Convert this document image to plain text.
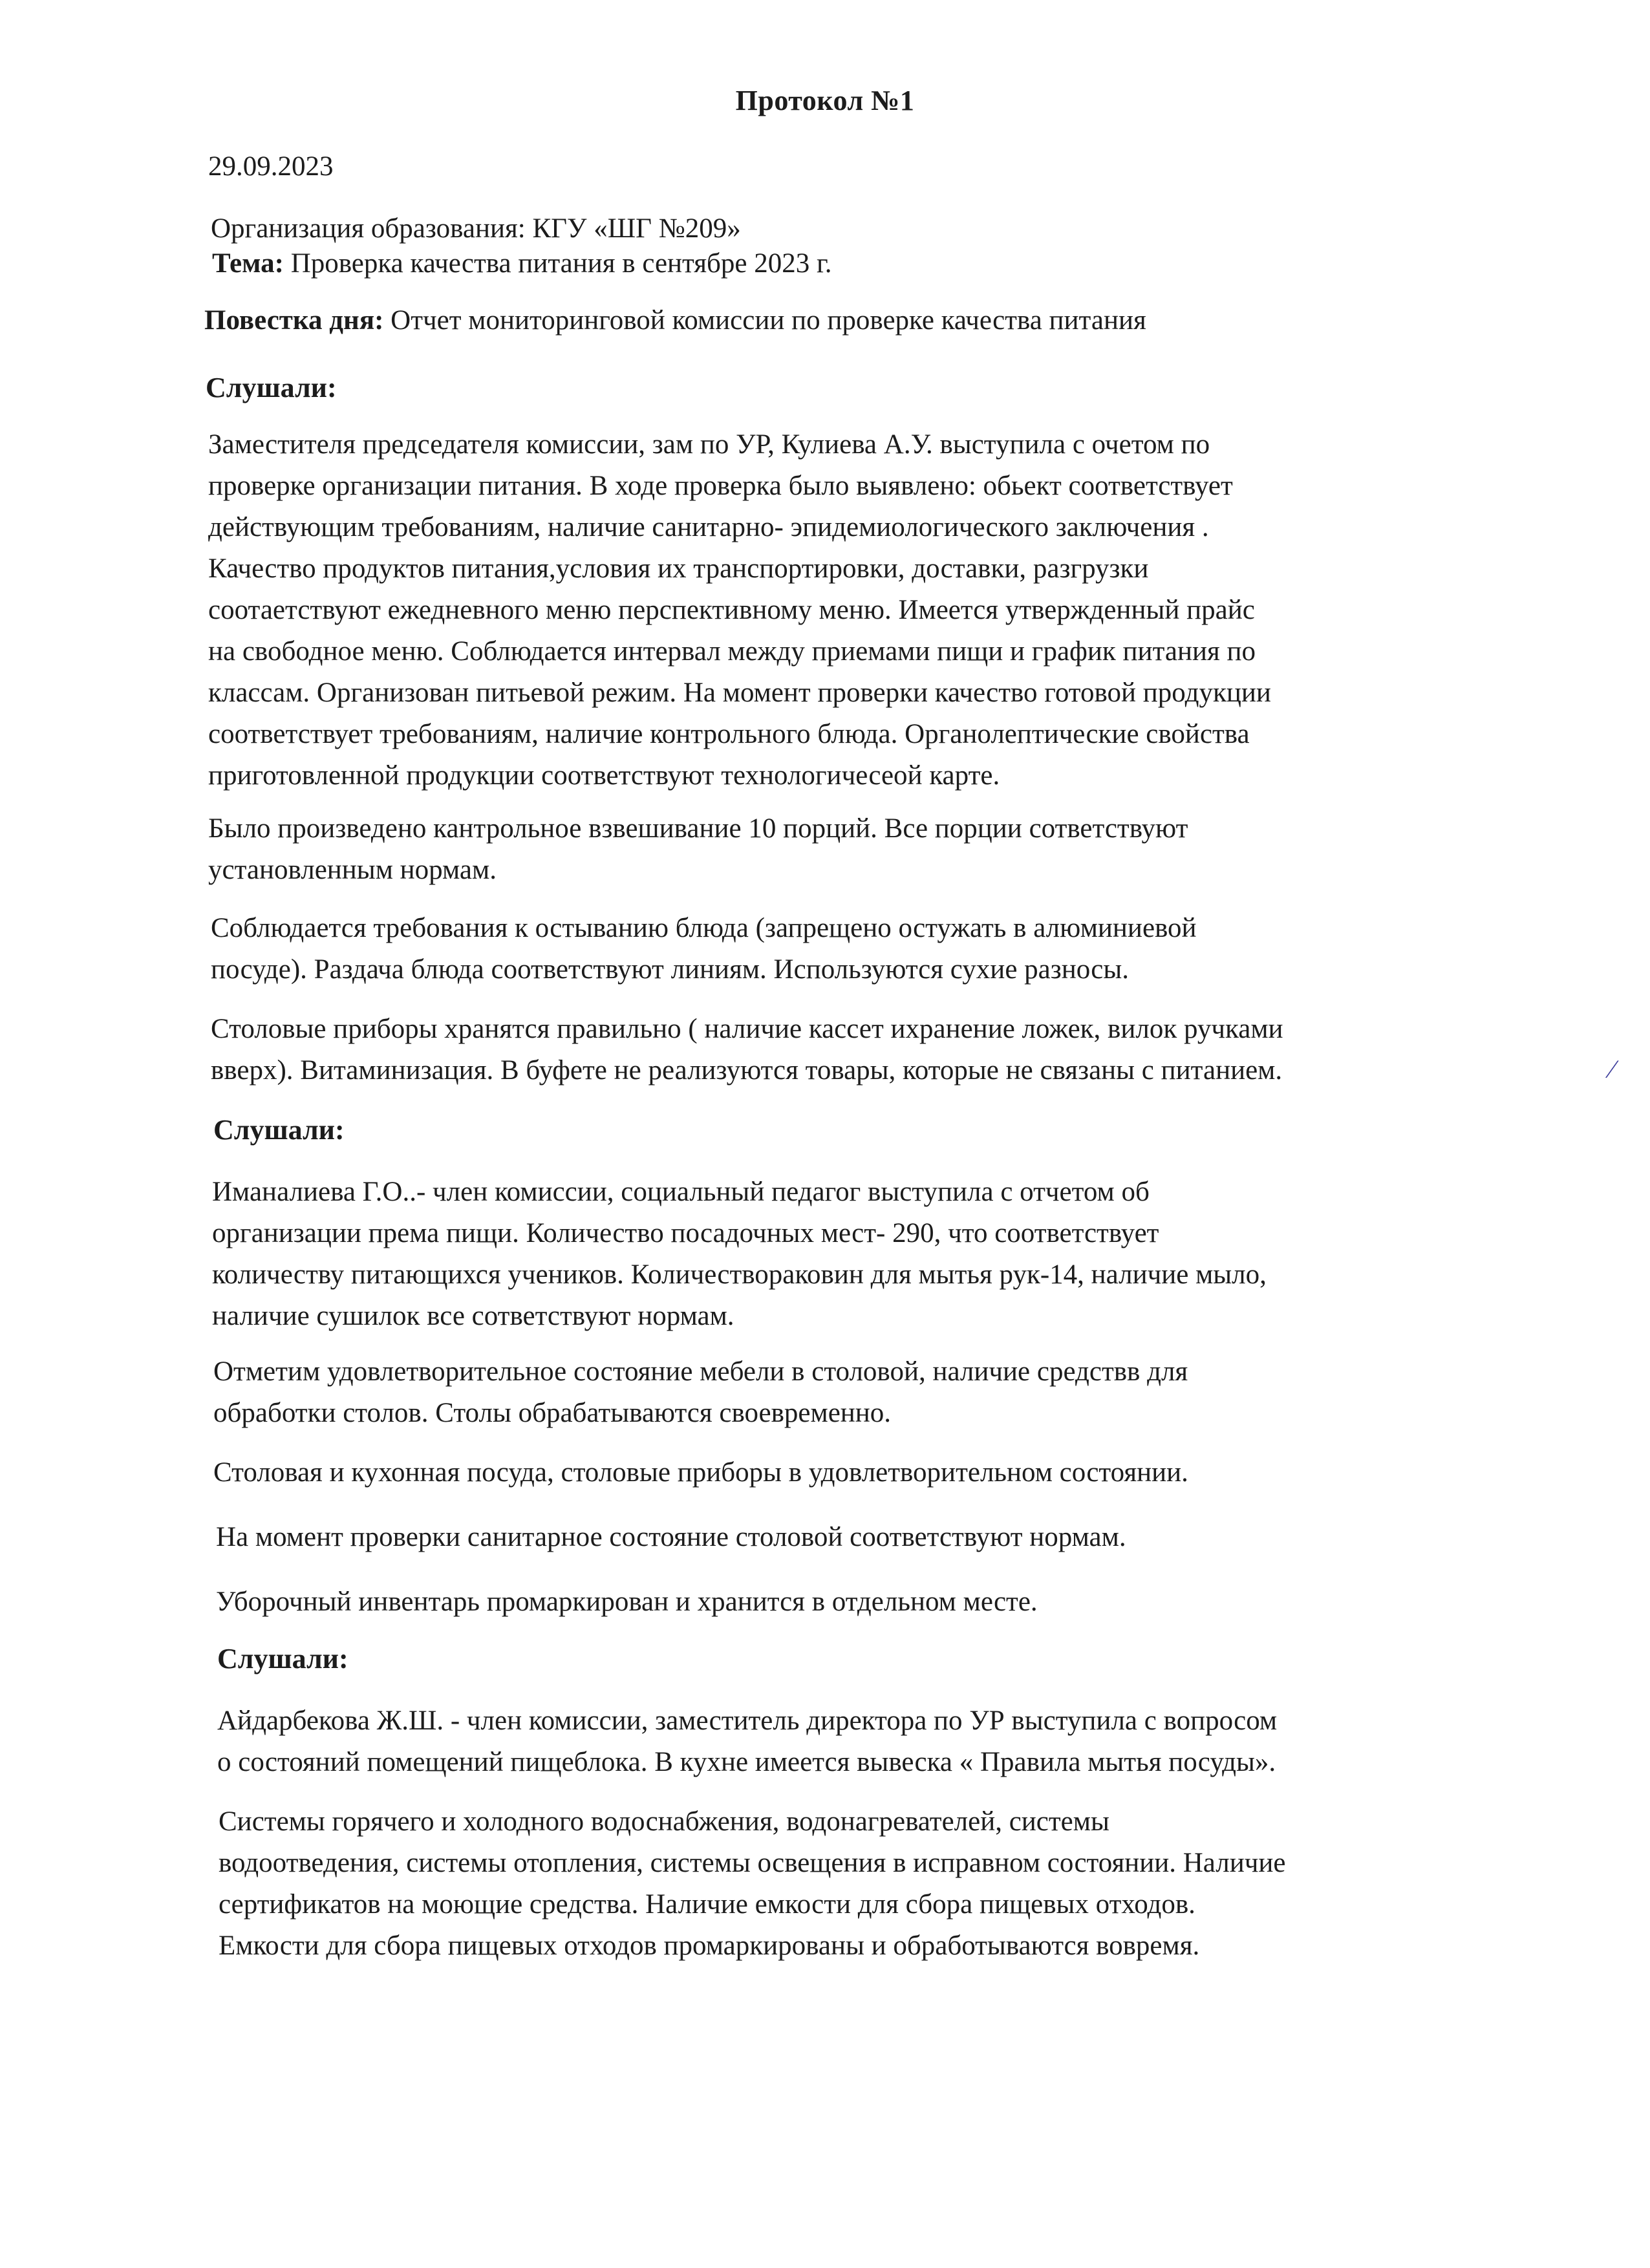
Протокол №1
29.09.2023
Организация образования: КГУ «ШГ №209»
Тема: Проверка качества питания в сентябре 2023 г.
Повестка дня: Отчет мониторинговой комиссии по проверке качества питания
Слушали:
Заместителя председателя комиссии, зам по УР, Кулиева А.У. выступила с очетом по
проверке организации питания. В ходе проверка было выявлено: обьект соответствует
действующим требованиям, наличие санитарно- эпидемиологического заключения .
Качество продуктов питания,условия их транспортировки, доставки, разгрузки
соотаетствуют ежедневного меню перспективному меню. Имеется утвержденный прайс
на свободное меню. Соблюдается интервал между приемами пищи и график питания по
классам. Организован питьевой режим. На момент проверки качество готовой продукции
соответствует требованиям, наличие контрольного блюда. Органолептические свойства
приготовленной продукции соответствуют технологичесеой карте.
Было произведено кантрольное взвешивание 10 порций. Все порции сответствуют
установленным нормам.
Соблюдается требования к остыванию блюда (запрещено остужать в алюминиевой
посуде). Раздача блюда соответствуют линиям. Используются сухие разносы.
Столовые приборы хранятся правильно ( наличие кассет ихранение ложек, вилок ручками
вверх). Витаминизация. В буфете не реализуются товары, которые не связаны с питанием.
Слушали:
Иманалиева Г.О..- член комиссии, социальный педагог выступила с отчетом об
организации према пищи. Количество посадочных мест- 290, что соответствует
количеству питающихся учеников. Количествораковин для мытья рук-14, наличие мыло,
наличие сушилок все сответствуют нормам.
Отметим удовлетворительное состояние мебели в столовой, наличие средствв для
обработки столов. Столы обрабатываются своевременно.
Столовая и кухонная посуда, столовые приборы в удовлетворительном состоянии.
На момент проверки санитарное состояние столовой соответствуют нормам.
Уборочный инвентарь промаркирован и хранится в отдельном месте.
Слушали:
Айдарбекова Ж.Ш. - член комиссии, заместитель директора по УР выступила с вопросом
о состояний помещений пищеблока. В кухне имеется вывеска « Правила мытья посуды».
Системы горячего и холодного водоснабжения, водонагревателей, системы
водоотведения, системы отопления, системы освещения в исправном состоянии. Наличие
сертификатов на моющие средства. Наличие емкости для сбора пищевых отходов.
Емкости для сбора пищевых отходов промаркированы и обработываются вовремя.
⁄
